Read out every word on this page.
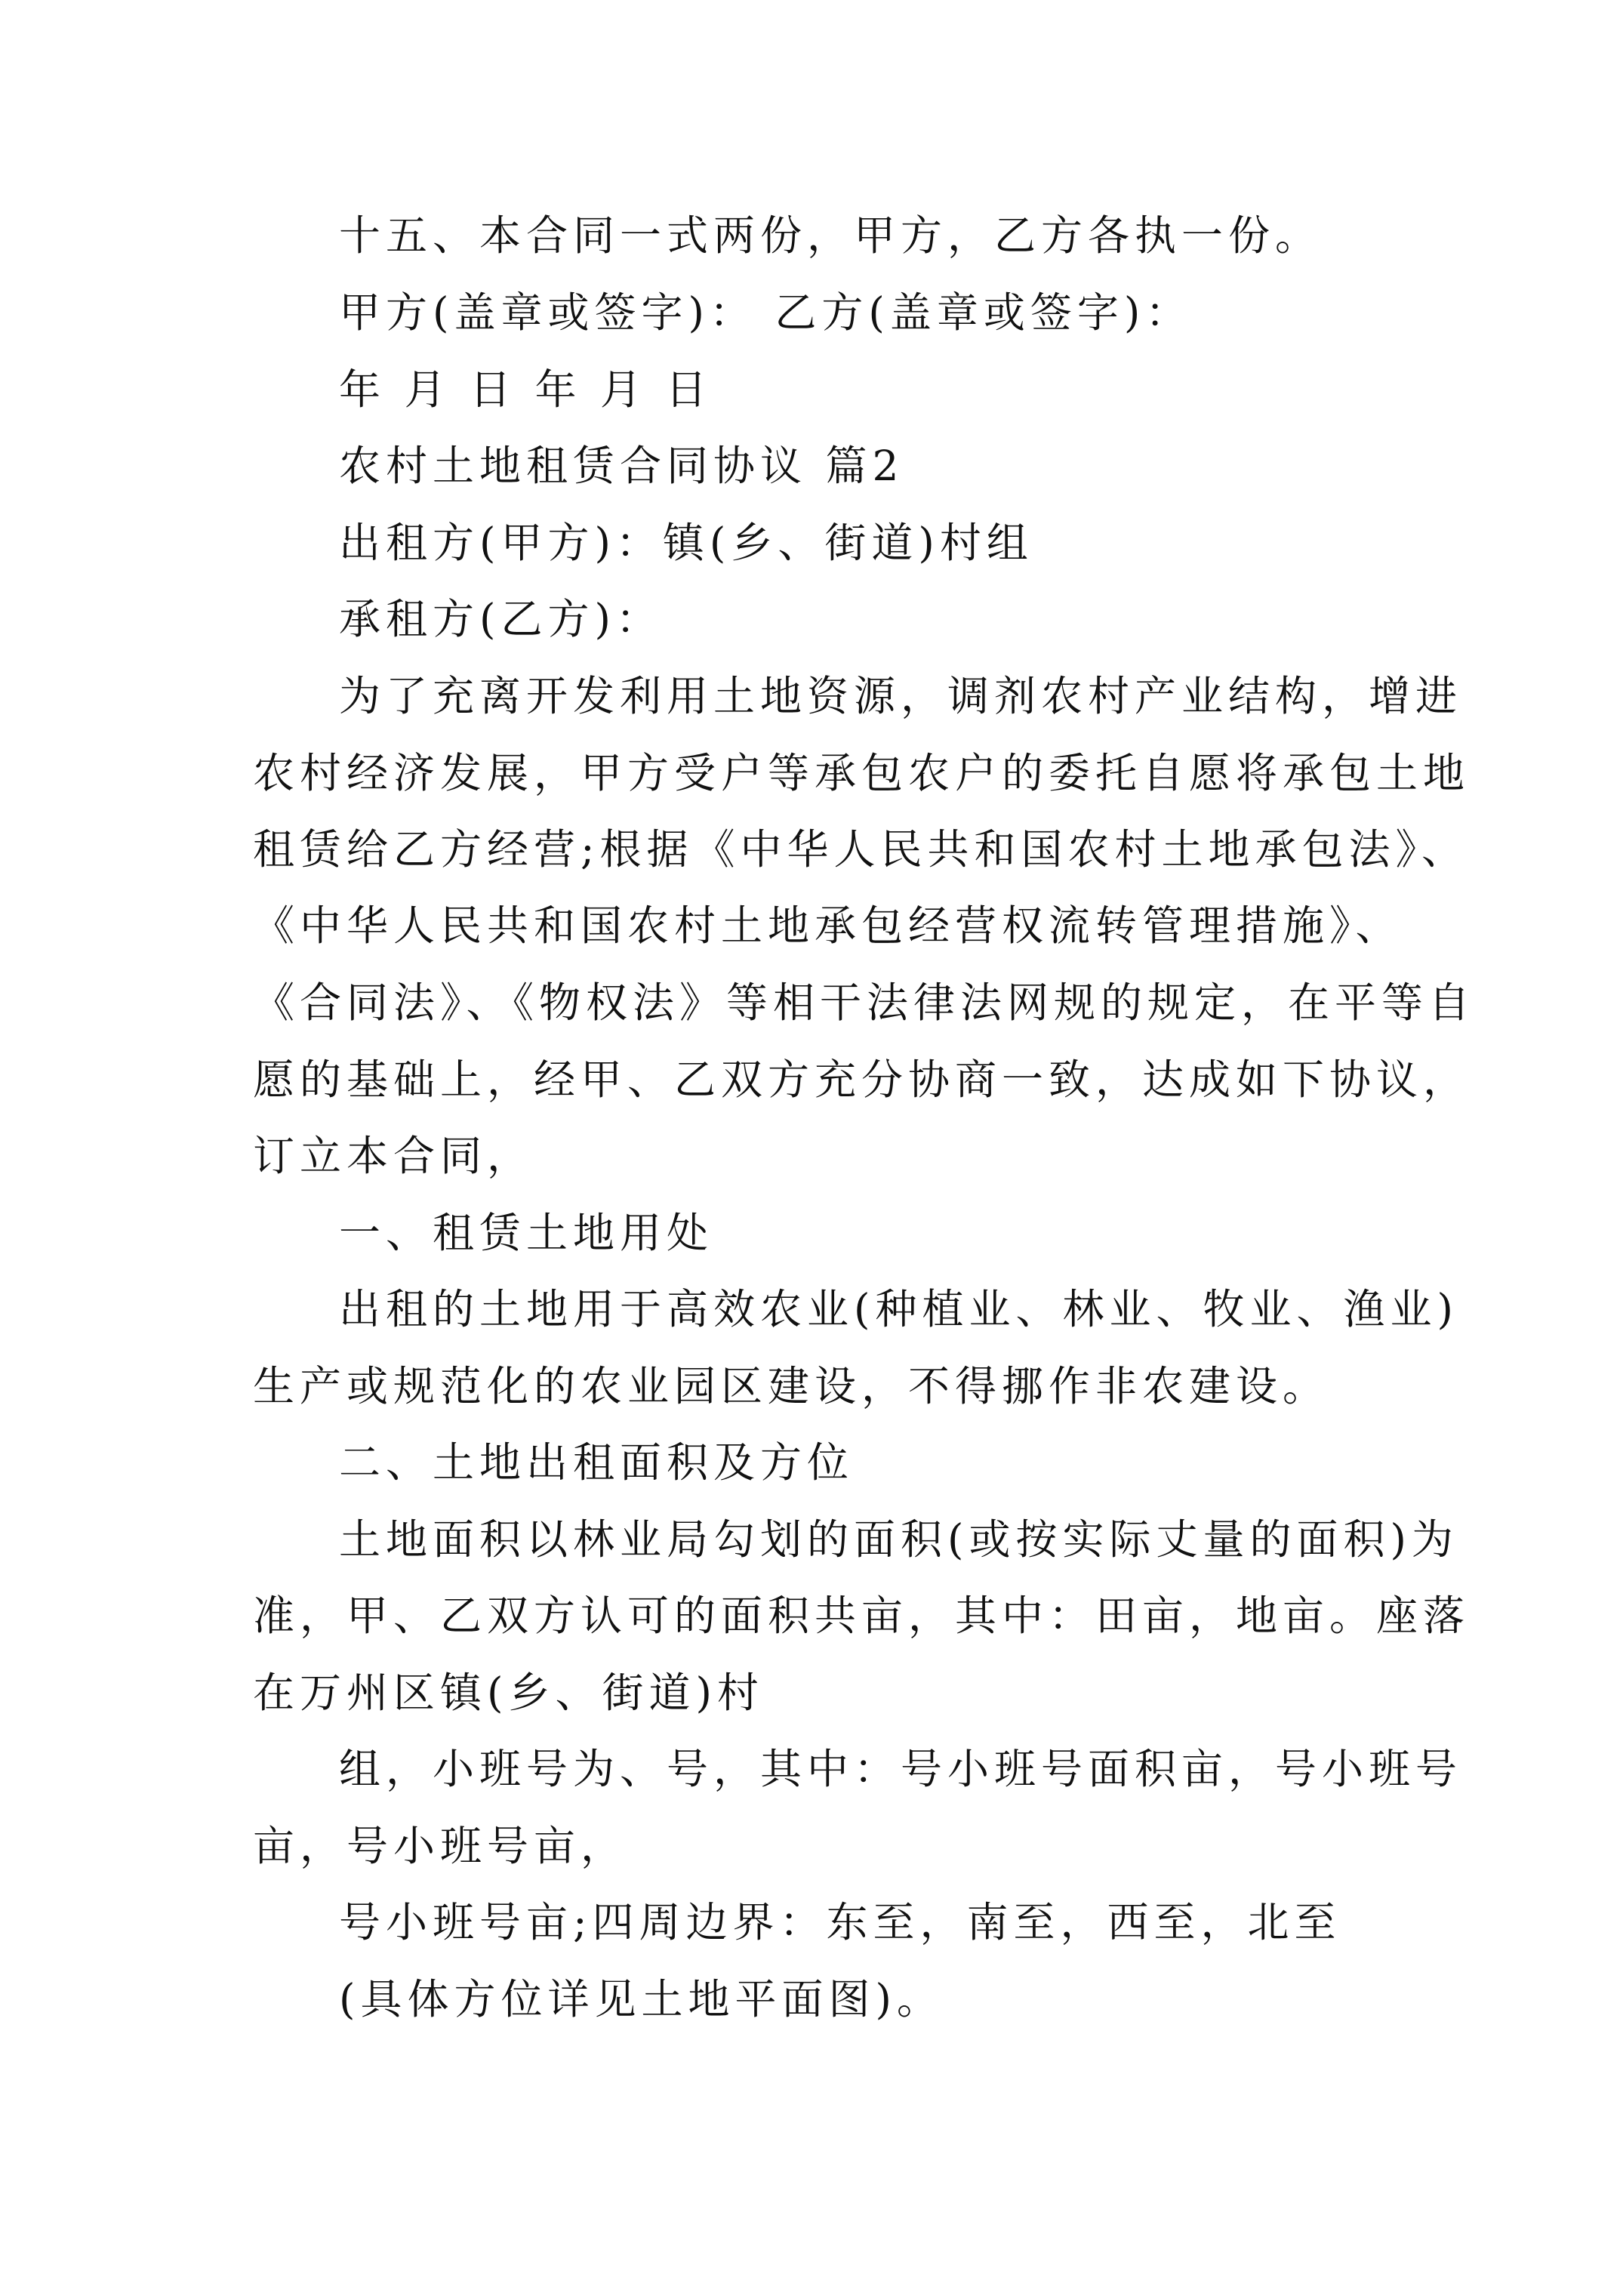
十五、本合同一式两份，甲方，乙方各执一份。
甲方(盖章或签字)： 乙方(盖章或签字)：
年 月 日 年 月 日
农村土地租赁合同协议 篇2
出租方(甲方)：镇(乡、街道)村组
承租方(乙方)：
为了充离开发利用土地资源，调剂农村产业结构，增进
农村经济发展，甲方受户等承包农户的委托自愿将承包土地
租赁给乙方经营;根据《中华人民共和国农村土地承包法》、
《中华人民共和国农村土地承包经营权流转管理措施》、
《合同法》、《物权法》等相干法律法网规的规定，在平等自
愿的基础上，经甲、乙双方充分协商一致，达成如下协议，
订立本合同，
一、租赁土地用处
出租的土地用于高效农业(种植业、林业、牧业、渔业)
生产或规范化的农业园区建设，不得挪作非农建设。
二、土地出租面积及方位
土地面积以林业局勾划的面积(或按实际丈量的面积)为
准，甲、乙双方认可的面积共亩，其中：田亩，地亩。座落
在万州区镇(乡、街道)村
组，小班号为、号，其中：号小班号面积亩，号小班号
亩，号小班号亩，
号小班号亩;四周边界：东至，南至，西至，北至
(具体方位详见土地平面图)。
